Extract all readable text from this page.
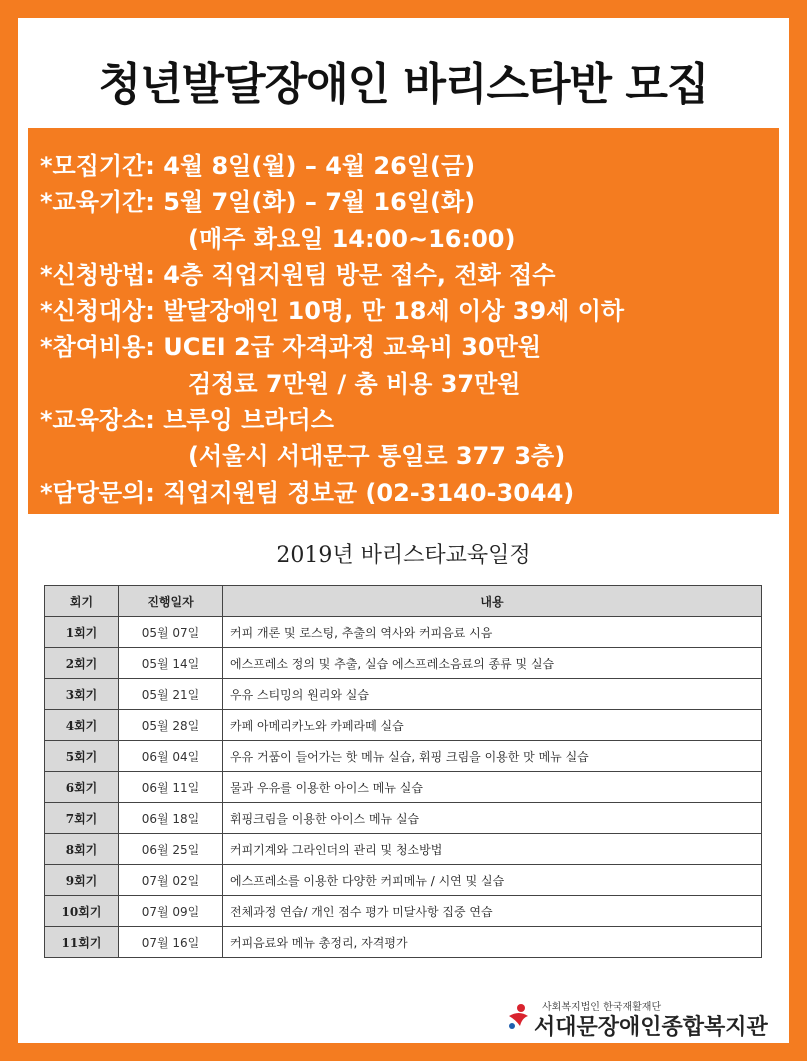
청년발달장애인 바리스타반 모집
*모집기간: 4월 8일(월) – 4월 26일(금)
*교육기간: 5월 7일(화) – 7월 16일(화)
(매주 화요일 14:00~16:00)
*신청방법: 4층 직업지원팀 방문 접수, 전화 접수
*신청대상: 발달장애인 10명, 만 18세 이상 39세 이하
*참여비용: UCEI 2급 자격과정 교육비 30만원
검정료 7만원 / 총 비용 37만원
*교육장소: 브루잉 브라더스
(서울시 서대문구 통일로 377 3층)
*담당문의: 직업지원팀 정보균 (02-3140-3044)
2019년 바리스타교육일정
회기	진행일자	내용
1회기	05월 07일	커피 개론 및 로스팅, 추출의 역사와 커피음료 시음
2회기	05월 14일	에스프레소 정의 및 추출, 실습 에스프레소음료의 종류 및 실습
3회기	05월 21일	우유 스티밍의 원리와 실습
4회기	05월 28일	카페 아메리카노와 카페라떼 실습
5회기	06월 04일	우유 거품이 들어가는 핫 메뉴 실습, 휘핑 크림을 이용한 맛 메뉴 실습
6회기	06월 11일	물과 우유를 이용한 아이스 메뉴 실습
7회기	06월 18일	휘핑크림을 이용한 아이스 메뉴 실습
8회기	06월 25일	커피기계와 그라인더의 관리 및 청소방법
9회기	07월 02일	에스프레소를 이용한 다양한 커피메뉴 / 시연 및 실습
10회기	07월 09일	전체과정 연습/ 개인 점수 평가 미달사항 집중 연습
11회기	07월 16일	커피음료와 메뉴 총정리, 자격평가
사회복지법인 한국재활재단
서대문장애인종합복지관
